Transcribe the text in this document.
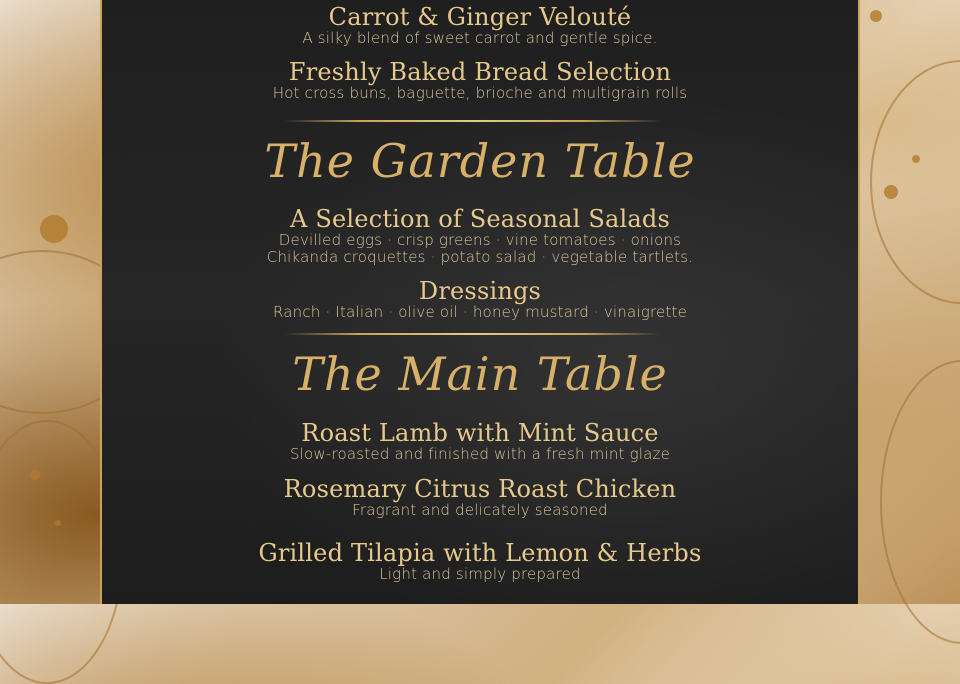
Carrot & Ginger Velouté
A silky blend of sweet carrot and gentle spice.
Freshly Baked Bread Selection
Hot cross buns, baguette, brioche and multigrain rolls
The Garden Table
A Selection of Seasonal Salads
Devilled eggs · crisp greens · vine tomatoes · onions
Chikanda croquettes · potato salad · vegetable tartlets.
Dressings
Ranch · Italian · olive oil · honey mustard · vinaigrette
The Main Table
Roast Lamb with Mint Sauce
Slow-roasted and finished with a fresh mint glaze
Rosemary Citrus Roast Chicken
Fragrant and delicately seasoned
Grilled Tilapia with Lemon & Herbs
Light and simply prepared
